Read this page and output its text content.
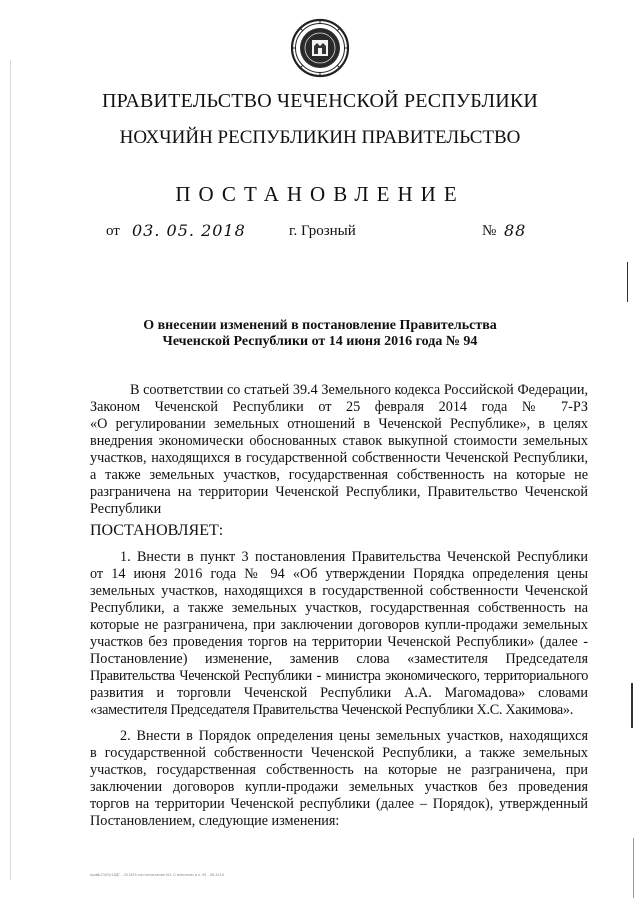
ПРАВИТЕЛЬСТВО ЧЕЧЕНСКОЙ РЕСПУБЛИКИ
НОХЧИЙН РЕСПУБЛИКИН ПРАВИТЕЛЬСТВО
ПОСТАНОВЛЕНИЕ
от 03. 05. 2018	г. Грозный	№ 88
О внесении изменений в постановление Правительства
Чеченской Республики от 14 июня 2016 года № 94
В соответствии со статьей 39.4 Земельного кодекса Российской Федерации,
Законом Чеченской Республики от 25 февраля 2014 года № 7-РЗ
«О регулировании земельных отношений в Чеченской Республике», в целях
внедрения экономически обоснованных ставок выкупной стоимости земельных
участков, находящихся в государственной собственности Чеченской Республики,
а также земельных участков, государственная собственность на которые не
разграничена на территории Чеченской Республики, Правительство Чеченской
Республики
ПОСТАНОВЛЯЕТ:
1. Внести в пункт 3 постановления Правительства Чеченской Республики
от 14 июня 2016 года № 94 «Об утверждении Порядка определения цены
земельных участков, находящихся в государственной собственности Чеченской
Республики, а также земельных участков, государственная собственность на
которые не разграничена, при заключении договоров купли-продажи земельных
участков без проведения торгов на территории Чеченской Республики» (далее -
Постановление) изменение, заменив слова «заместителя Председателя
Правительства Чеченской Республики - министра экономического, территориального
развития и торговли Чеченской Республики А.А. Магомадова» словами
«заместителя Председателя Правительства Чеченской Республики Х.С. Хакимова».
2. Внести в Порядок определения цены земельных участков, находящихся
в государственной собственности Чеченской Республики, а также земельных
участков, государственная собственность на которые не разграничена, при
заключении договоров купли-продажи земельных участков без проведения
торгов на территории Чеченской республики (далее – Порядок), утвержденный
Постановлением, следующие изменения:
Арм№23/03/18ДГ - 201855 постановление №1 О внесении в п. 94 - 06.2018
